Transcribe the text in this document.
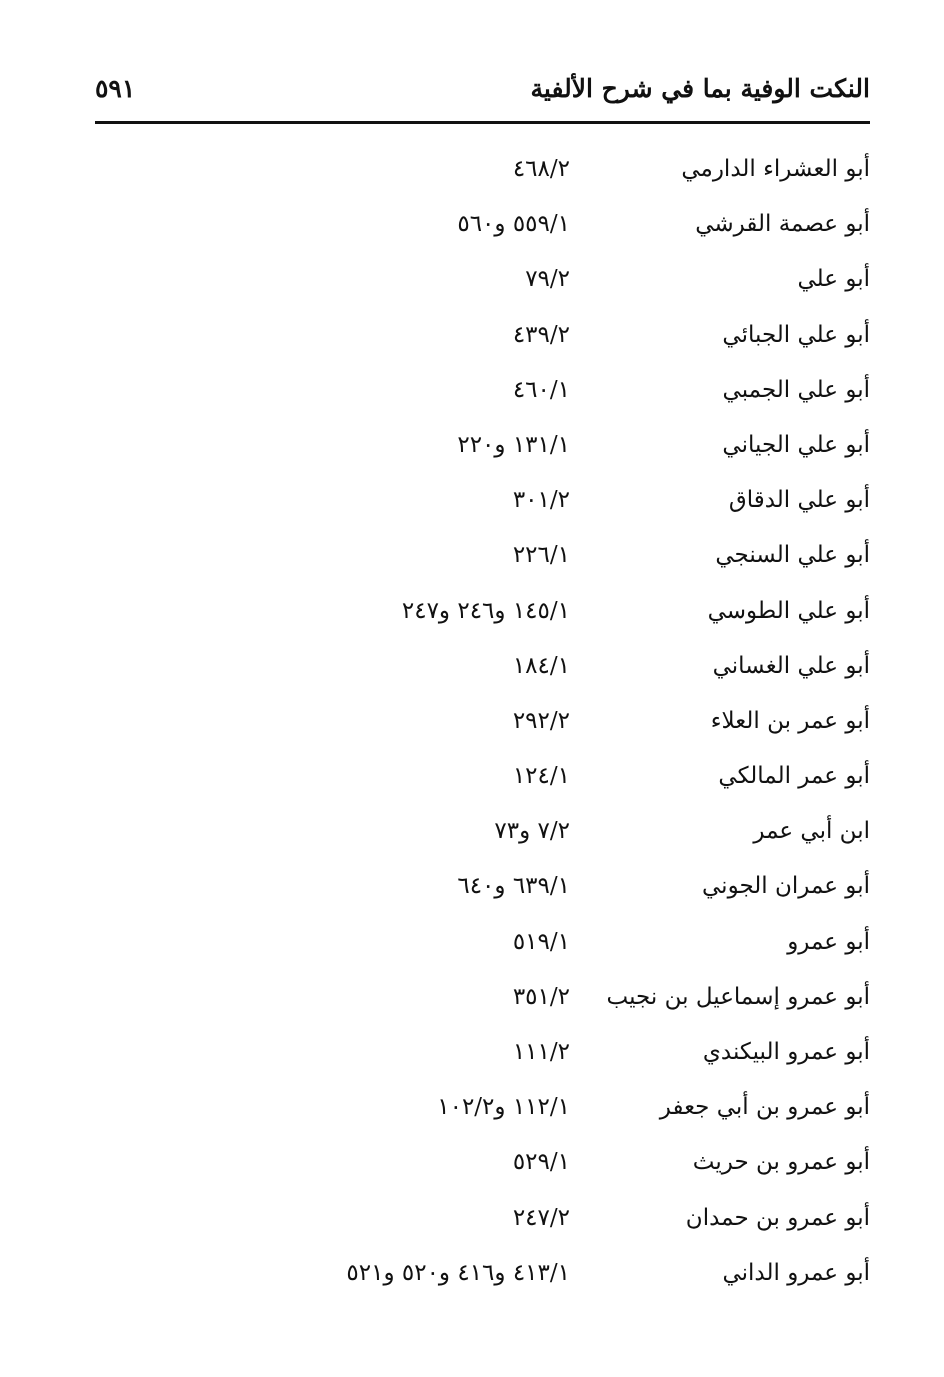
النكت الوفية بما في شرح الألفية
٥٩١
أبو العشراء الدارمي
٤٦٨/٢
أبو عصمة القرشي
٥٥٩/١ و٥٦٠
أبو علي
٧٩/٢
أبو علي الجبائي
٤٣٩/٢
أبو علي الجمبي
٤٦٠/١
أبو علي الجياني
١٣١/١ و٢٢٠
أبو علي الدقاق
٣٠١/٢
أبو علي السنجي
٢٢٦/١
أبو علي الطوسي
١٤٥/١ و٢٤٦ و٢٤٧
أبو علي الغساني
١٨٤/١
أبو عمر بن العلاء
٢٩٢/٢
أبو عمر المالكي
١٢٤/١
ابن أبي عمر
٧/٢ و٧٣
أبو عمران الجوني
٦٣٩/١ و٦٤٠
أبو عمرو
٥١٩/١
أبو عمرو إسماعيل بن نجيب
٣٥١/٢
أبو عمرو البيكندي
١١١/٢
أبو عمرو بن أبي جعفر
١١٢/١ و١٠٢/٢
أبو عمرو بن حريث
٥٢٩/١
أبو عمرو بن حمدان
٢٤٧/٢
أبو عمرو الداني
٤١٣/١ و٤١٦ و٥٢٠ و٥٢١
